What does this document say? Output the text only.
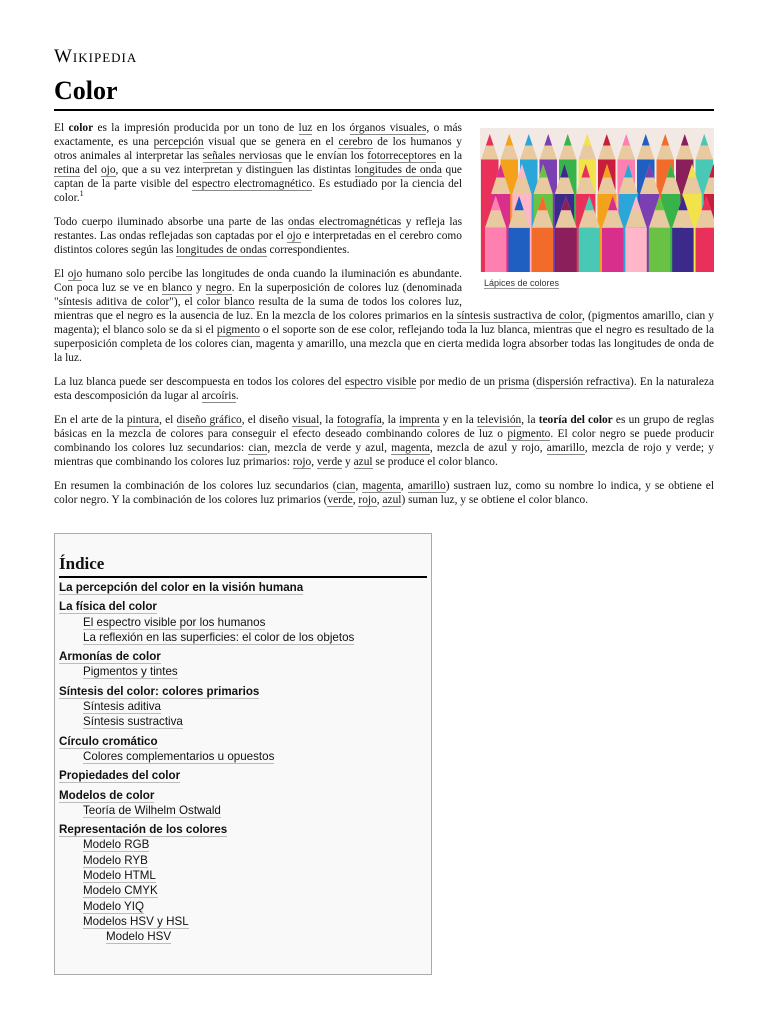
Wikipedia
Color
Lápices de colores

El color es la impresión producida por un tono de luz en los órganos visuales, o más exactamente, es una percepción visual que se genera en el cerebro de los humanos y otros animales al interpretar las señales nerviosas que le envían los fotorreceptores en la retina del ojo, que a su vez interpretan y distinguen las distintas longitudes de onda que captan de la parte visible del espectro electromagnético. Es estudiado por la ciencia del color.$^1$

Todo cuerpo iluminado absorbe una parte de las ondas electromagnéticas y refleja las restantes. Las ondas reflejadas son captadas por el ojo e interpretadas en el cerebro como distintos colores según las longitudes de ondas correspondientes.

El ojo humano solo percibe las longitudes de onda cuando la iluminación es abundante. Con poca luz se ve en blanco y negro. En la superposición de colores luz (denominada "síntesis aditiva de color"), el color blanco resulta de la suma de todos los colores luz, mientras que el negro es la ausencia de luz. En la mezcla de los colores primarios en la síntesis sustractiva de color, (pigmentos amarillo, cian y magenta); el blanco solo se da si el pigmento o el soporte son de ese color, reflejando toda la luz blanca, mientras que el negro es resultado de la superposición completa de los colores cian, magenta y amarillo, una mezcla que en cierta medida logra absorber todas las longitudes de onda de la luz.

La luz blanca puede ser descompuesta en todos los colores del espectro visible por medio de un prisma (dispersión refractiva). En la naturaleza esta descomposición da lugar al arcoíris.

En el arte de la pintura, el diseño gráfico, el diseño visual, la fotografía, la imprenta y en la televisión, la teoría del color es un grupo de reglas básicas en la mezcla de colores para conseguir el efecto deseado combinando colores de luz o pigmento. El color negro se puede producir combinando los colores luz secundarios: cian, mezcla de verde y azul, magenta, mezcla de azul y rojo, amarillo, mezcla de rojo y verde; y mientras que combinando los colores luz primarios: rojo, verde y azul se produce el color blanco.

En resumen la combinación de los colores luz secundarios (cian, magenta, amarillo) sustraen luz, como su nombre lo indica, y se obtiene el color negro. Y la combinación de los colores luz primarios (verde, rojo, azul) suman luz, y se obtiene el color blanco.

Índice
La percepción del color en la visión humana
La física del color
El espectro visible por los humanos
La reflexión en las superficies: el color de los objetos
Armonías de color
Pigmentos y tintes
Síntesis del color: colores primarios
Síntesis aditiva
Síntesis sustractiva
Círculo cromático
Colores complementarios u opuestos
Propiedades del color
Modelos de color
Teoría de Wilhelm Ostwald
Representación de los colores
Modelo RGB
Modelo RYB
Modelo HTML
Modelo CMYK
Modelo YIQ
Modelos HSV y HSL
Modelo HSV
